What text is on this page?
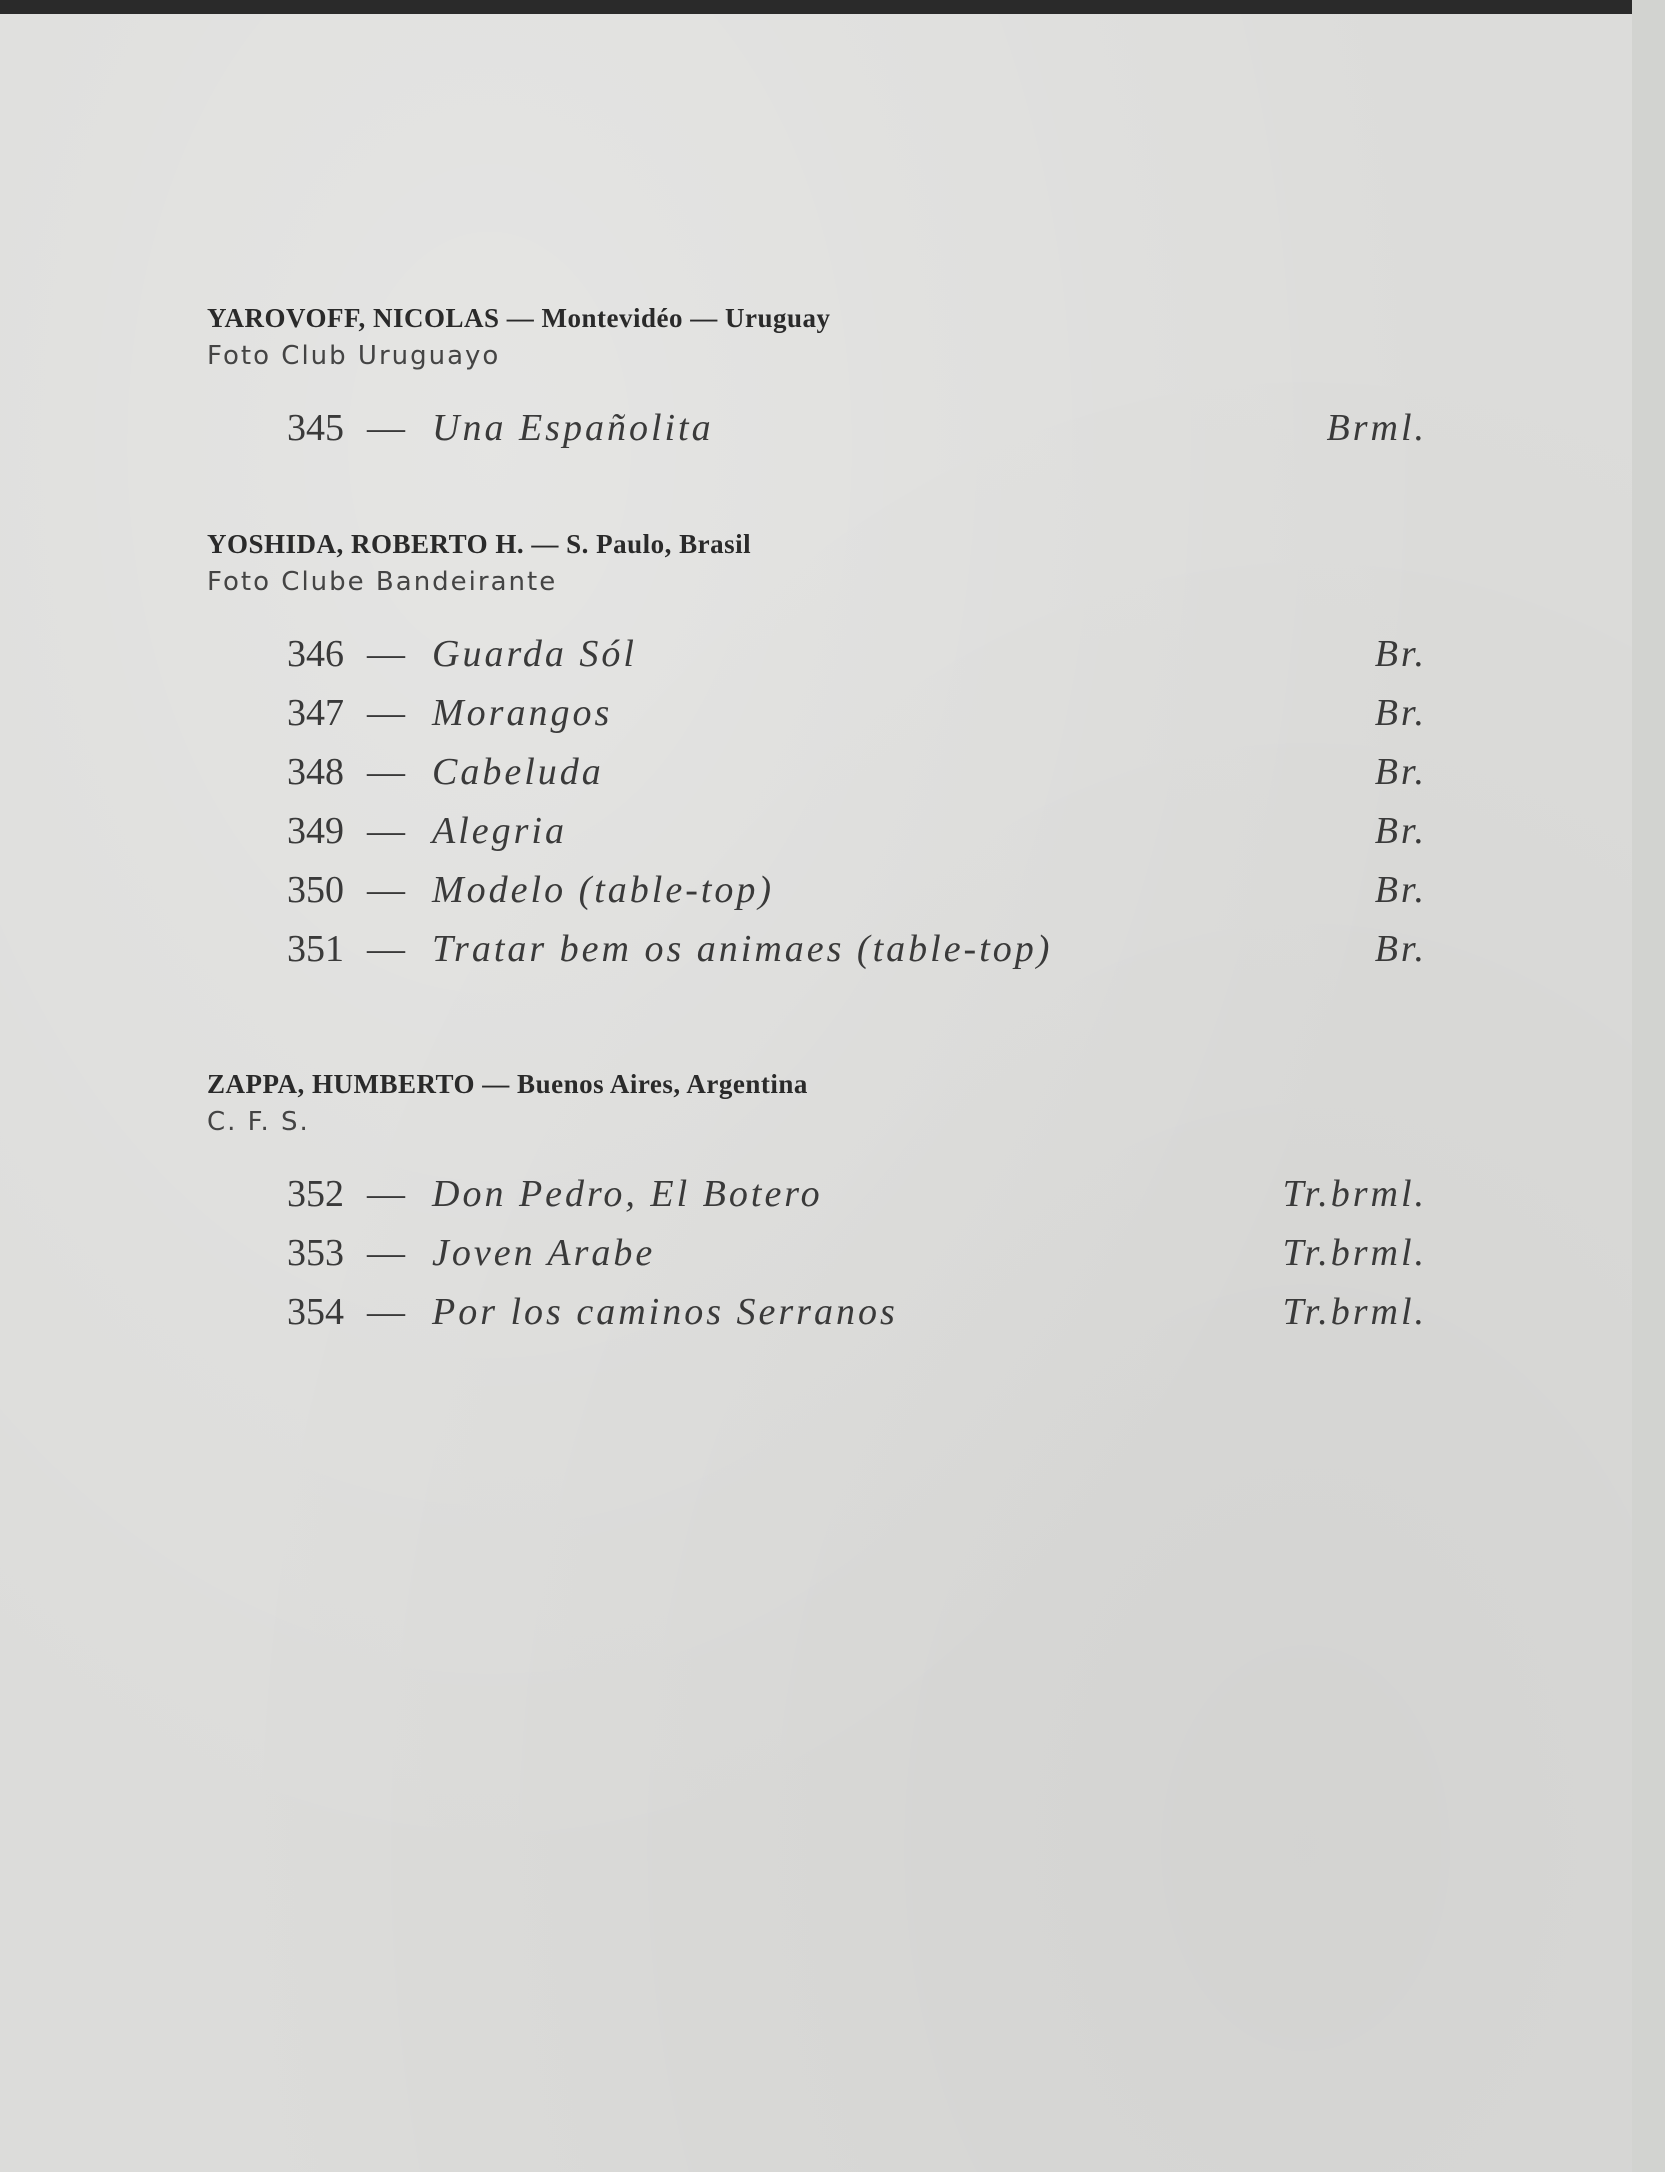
YAROVOFF, NICOLAS — Montevidéo — Uruguay
Foto Club Uruguayo
345 — Una Españolita	Brml.
YOSHIDA, ROBERTO H. — S. Paulo, Brasil
Foto Clube Bandeirante
346 — Guarda Sól	Br.
347 — Morangos	Br.
348 — Cabeluda	Br.
349 — Alegria	Br.
350 — Modelo (table-top)	Br.
351 — Tratar bem os animaes (table-top)	Br.
ZAPPA, HUMBERTO — Buenos Aires, Argentina
C. F. S.
352 — Don Pedro, El Botero	Tr.brml.
353 — Joven Arabe	Tr.brml.
354 — Por los caminos Serranos	Tr.brml.
